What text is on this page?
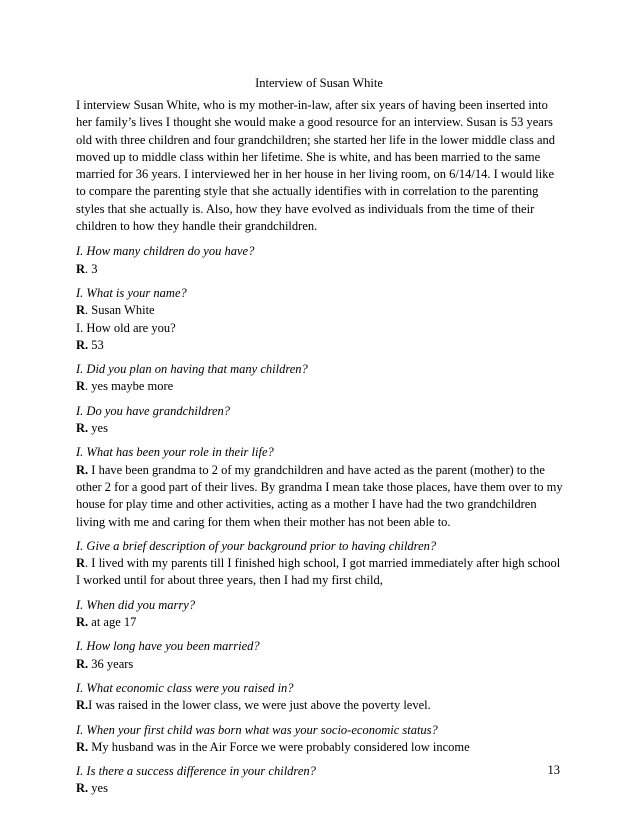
Interview of Susan White
I interview Susan White, who is my mother-in-law, after six years of having been inserted into
her family’s lives I thought she would make a good resource for an interview. Susan is 53 years
old with three children and four grandchildren; she started her life in the lower middle class and
moved up to middle class within her lifetime. She is white, and has been married to the same
married for 36 years. I interviewed her in her house in her living room, on 6/14/14. I would like
to compare the parenting style that she actually identifies with in correlation to the parenting
styles that she actually is. Also, how they have evolved as individuals from the time of their
children to how they handle their grandchildren.
I. How many children do you have?
R. 3
I. What is your name?
R. Susan White
I. How old are you?
R. 53
I. Did you plan on having that many children?
R. yes maybe more
I. Do you have grandchildren?
R. yes
I. What has been your role in their life?
R. I have been grandma to 2 of my grandchildren and have acted as the parent (mother) to the
other 2 for a good part of their lives. By grandma I mean take those places, have them over to my
house for play time and other activities, acting as a mother I have had the two grandchildren
living with me and caring for them when their mother has not been able to.
I. Give a brief description of your background prior to having children?
R. I lived with my parents till I finished high school, I got married immediately after high school
I worked until for about three years, then I had my first child,
I. When did you marry?
R. at age 17
I. How long have you been married?
R. 36 years
I. What economic class were you raised in?
R.I was raised in the lower class, we were just above the poverty level.
I. When your first child was born what was your socio-economic status?
R. My husband was in the Air Force we were probably considered low income
I. Is there a success difference in your children?
R. yes
13
